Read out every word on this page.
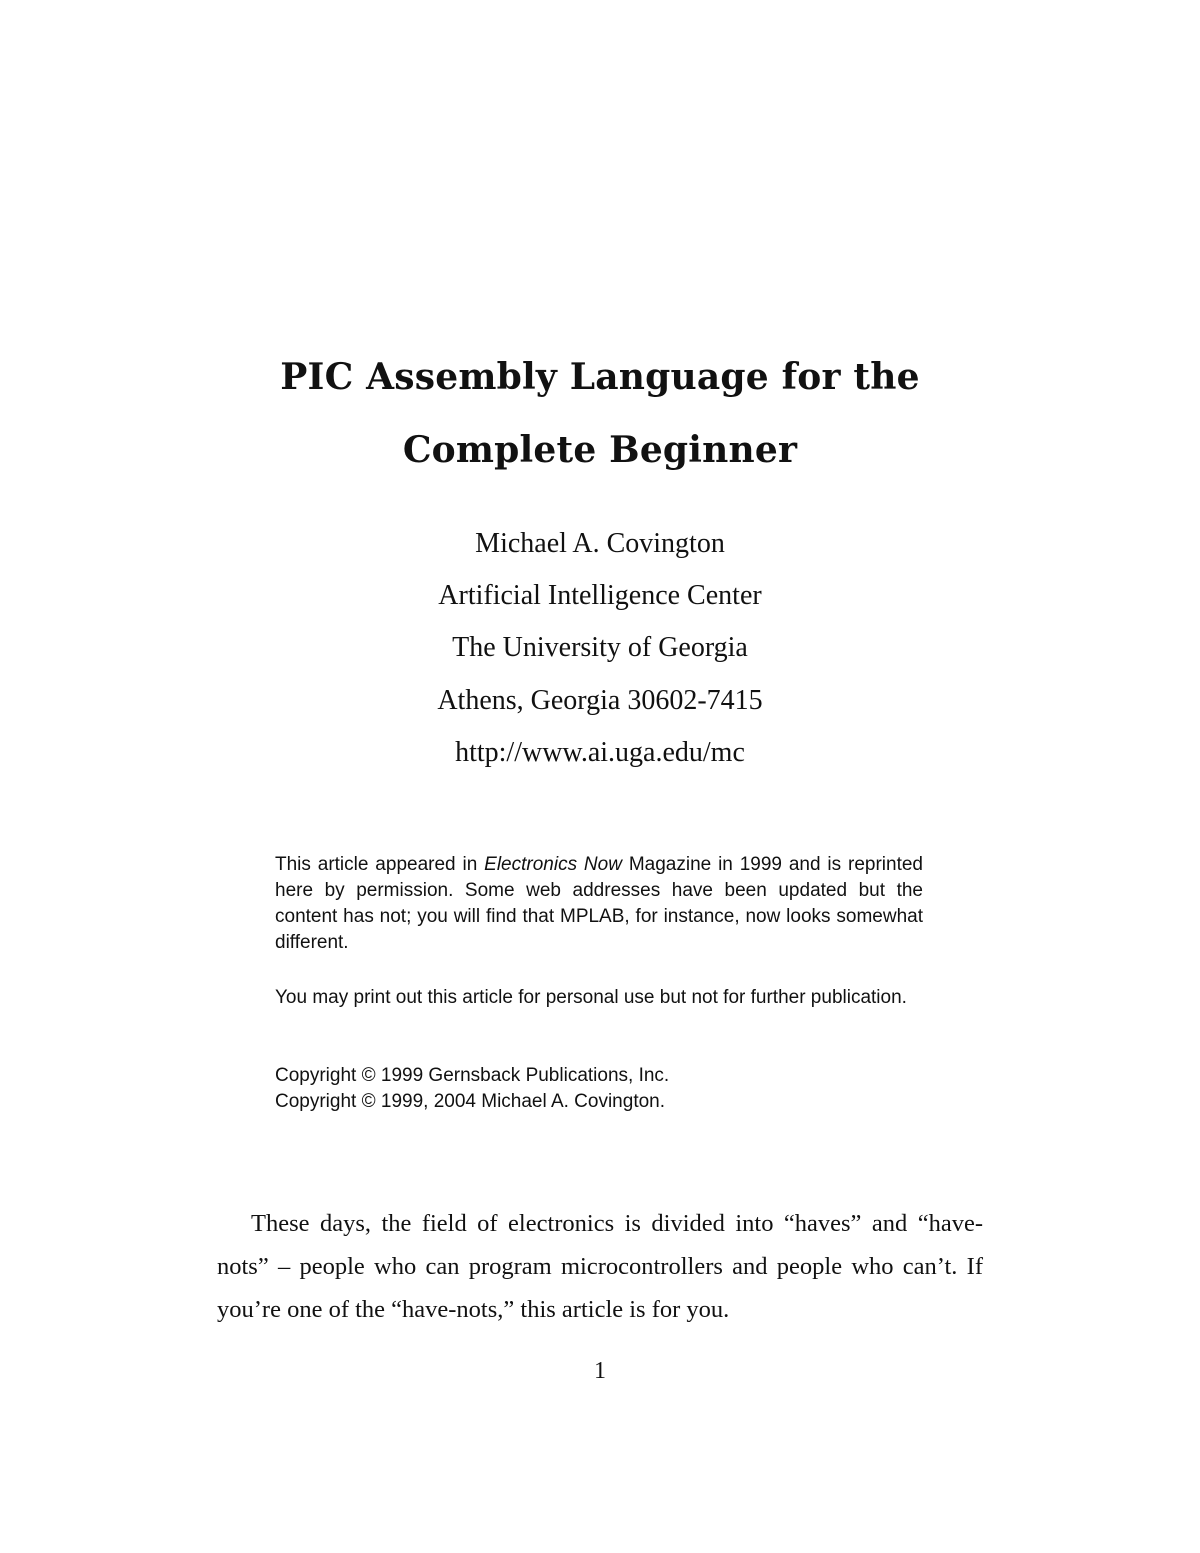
PIC Assembly Language for the
Complete Beginner
Michael A. Covington
Artificial Intelligence Center
The University of Georgia
Athens, Georgia 30602-7415
http://www.ai.uga.edu/mc

This article appeared in Electronics Now Magazine in 1999 and is reprinted here by permission. Some web addresses have been updated but the content has not; you will find that MPLAB, for instance, now looks somewhat different.

You may print out this article for personal use but not for further publication.

Copyright © 1999 Gernsback Publications, Inc.
Copyright © 1999, 2004 Michael A. Covington.

These days, the field of electronics is divided into “haves” and “have-nots” – people who can program microcontrollers and people who can’t. If you’re one of the “have-nots,” this article is for you.

1
